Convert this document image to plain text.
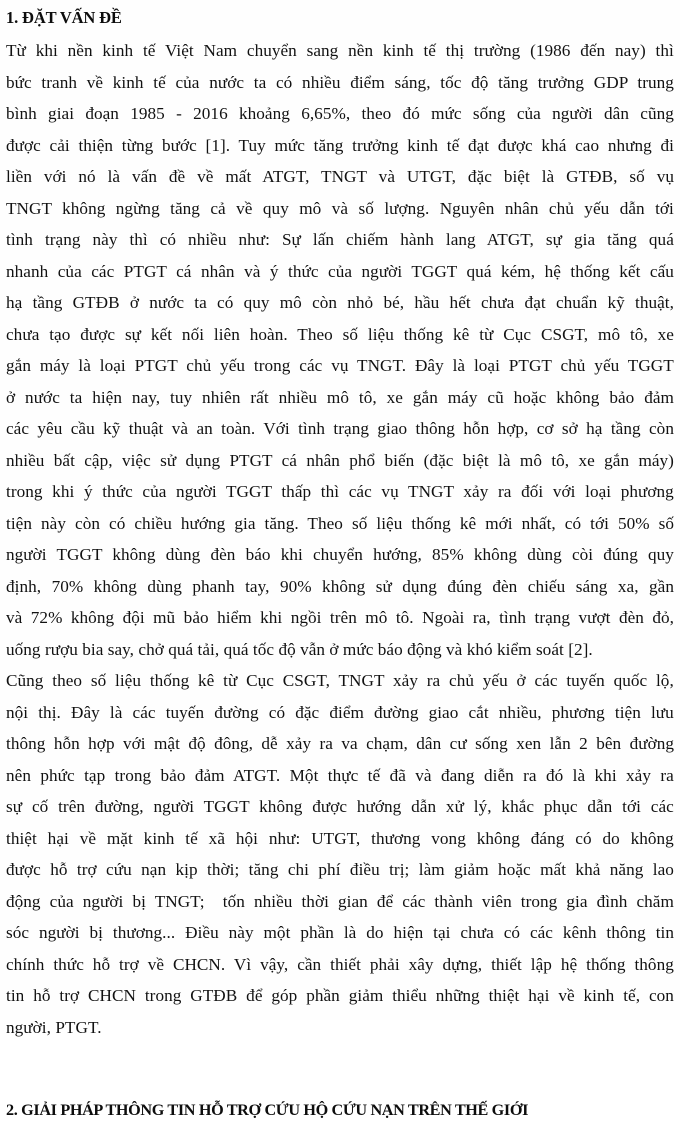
1. ĐẶT VẤN ĐỀ
Từ khi nền kinh tế Việt Nam chuyển sang nền kinh tế thị trường (1986 đến nay) thì
bức tranh về kinh tế của nước ta có nhiều điểm sáng, tốc độ tăng trưởng GDP trung
bình giai đoạn 1985 - 2016 khoảng 6,65%, theo đó mức sống của người dân cũng
được cải thiện từng bước [1]. Tuy mức tăng trưởng kinh tế đạt được khá cao nhưng đi
liền với nó là vấn đề về mất ATGT, TNGT và UTGT, đặc biệt là GTĐB, số vụ
TNGT không ngừng tăng cả về quy mô và số lượng. Nguyên nhân chủ yếu dẫn tới
tình trạng này thì có nhiều như: Sự lấn chiếm hành lang ATGT, sự gia tăng quá
nhanh của các PTGT cá nhân và ý thức của người TGGT quá kém, hệ thống kết cấu
hạ tầng GTĐB ở nước ta có quy mô còn nhỏ bé, hầu hết chưa đạt chuẩn kỹ thuật,
chưa tạo được sự kết nối liên hoàn. Theo số liệu thống kê từ Cục CSGT, mô tô, xe
gắn máy là loại PTGT chủ yếu trong các vụ TNGT. Đây là loại PTGT chủ yếu TGGT
ở nước ta hiện nay, tuy nhiên rất nhiều mô tô, xe gắn máy cũ hoặc không bảo đảm
các yêu cầu kỹ thuật và an toàn. Với tình trạng giao thông hỗn hợp, cơ sở hạ tầng còn
nhiều bất cập, việc sử dụng PTGT cá nhân phổ biến (đặc biệt là mô tô, xe gắn máy)
trong khi ý thức của người TGGT thấp thì các vụ TNGT xảy ra đối với loại phương
tiện này còn có chiều hướng gia tăng. Theo số liệu thống kê mới nhất, có tới 50% số
người TGGT không dùng đèn báo khi chuyển hướng, 85% không dùng còi đúng quy
định, 70% không dùng phanh tay, 90% không sử dụng đúng đèn chiếu sáng xa, gần
và 72% không đội mũ bảo hiểm khi ngồi trên mô tô. Ngoài ra, tình trạng vượt đèn đỏ,
uống rượu bia say, chở quá tải, quá tốc độ vẫn ở mức báo động và khó kiểm soát [2].
Cũng theo số liệu thống kê từ Cục CSGT, TNGT xảy ra chủ yếu ở các tuyến quốc lộ,
nội thị. Đây là các tuyến đường có đặc điểm đường giao cắt nhiều, phương tiện lưu
thông hỗn hợp với mật độ đông, dễ xảy ra va chạm, dân cư sống xen lẫn 2 bên đường
nên phức tạp trong bảo đảm ATGT. Một thực tế đã và đang diễn ra đó là khi xảy ra
sự cố trên đường, người TGGT không được hướng dẫn xử lý, khắc phục dẫn tới các
thiệt hại về mặt kinh tế xã hội như: UTGT, thương vong không đáng có do không
được hỗ trợ cứu nạn kịp thời; tăng chi phí điều trị; làm giảm hoặc mất khả năng lao
động của người bị TNGT; tốn nhiều thời gian để các thành viên trong gia đình chăm
sóc người bị thương... Điều này một phần là do hiện tại chưa có các kênh thông tin
chính thức hỗ trợ về CHCN. Vì vậy, cần thiết phải xây dựng, thiết lập hệ thống thông
tin hỗ trợ CHCN trong GTĐB để góp phần giảm thiểu những thiệt hại về kinh tế, con
người, PTGT.
2. GIẢI PHÁP THÔNG TIN HỖ TRỢ CỨU HỘ CỨU NẠN TRÊN THẾ GIỚI
